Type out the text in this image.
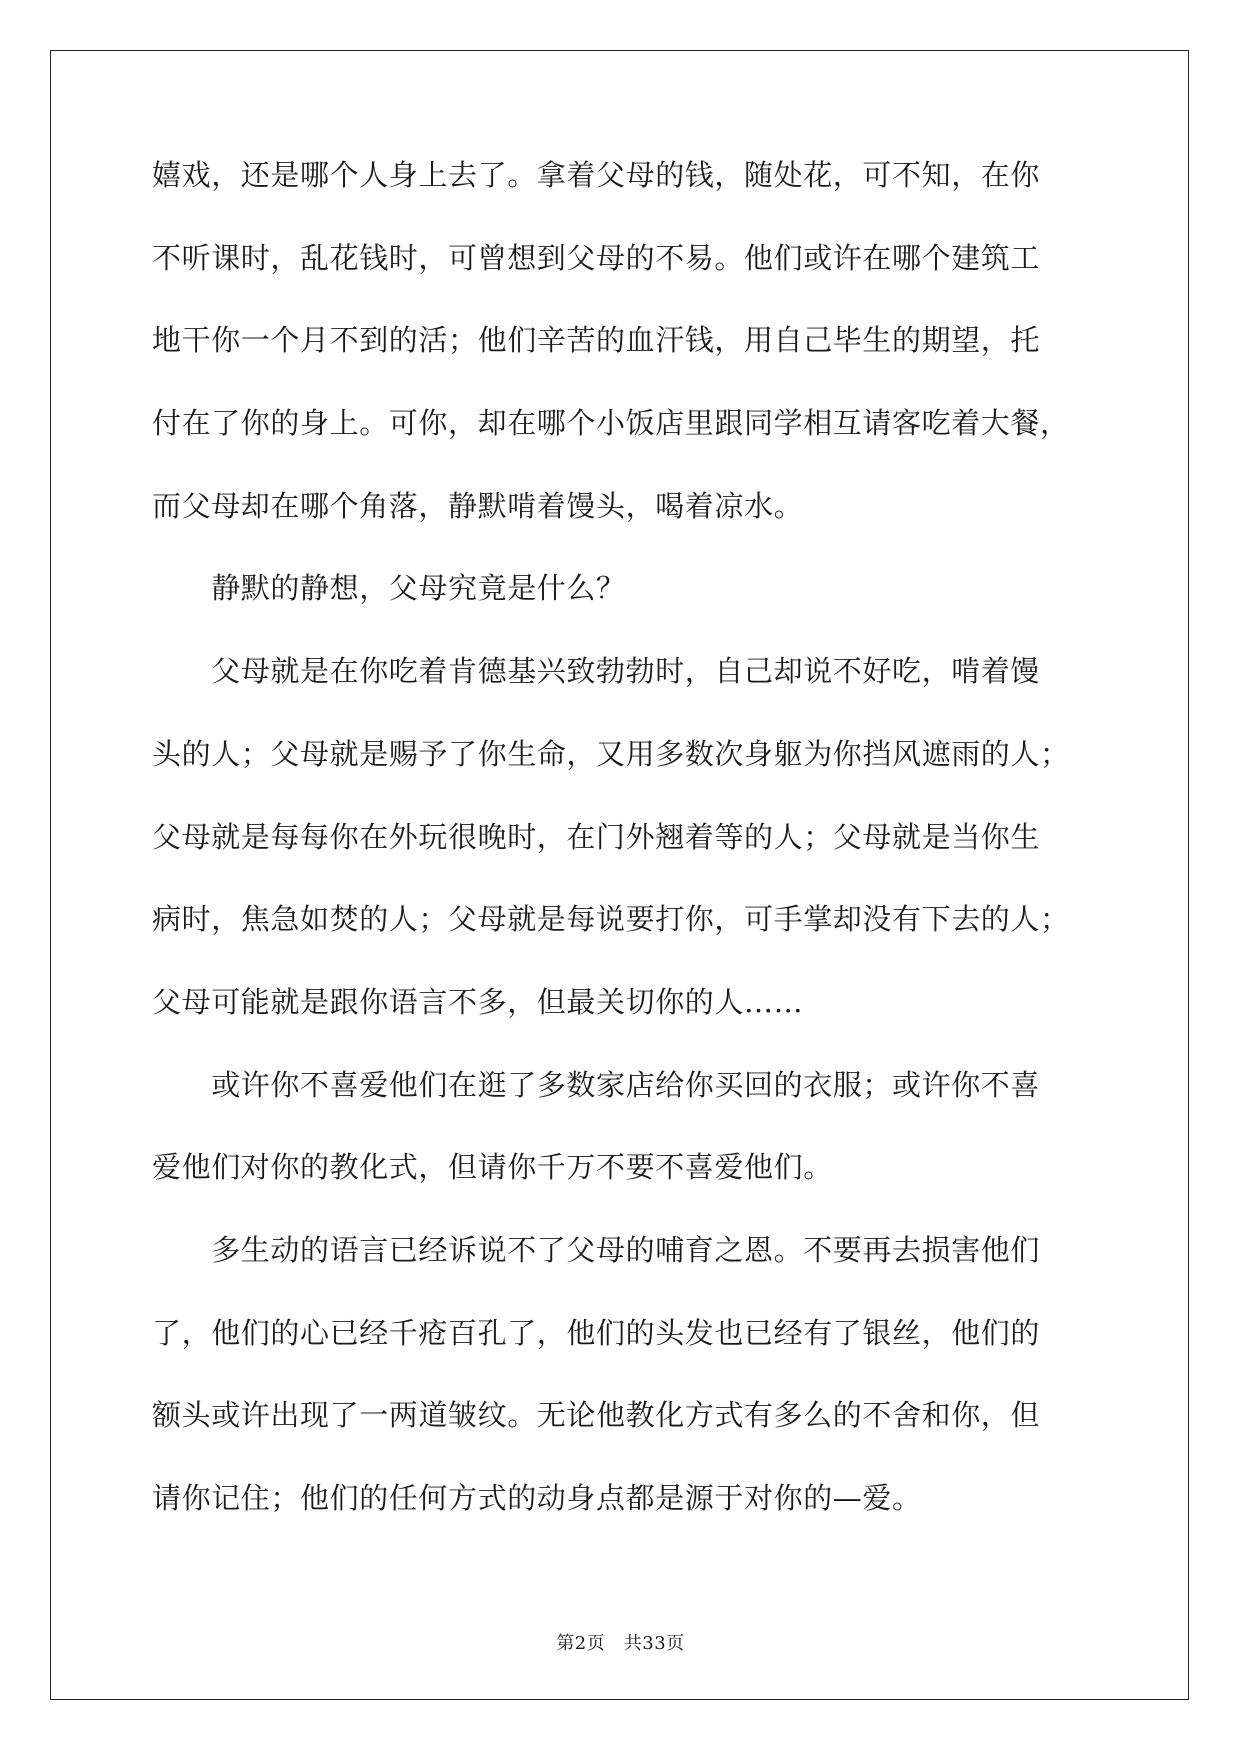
嬉戏，还是哪个人身上去了。拿着父母的钱，随处花，可不知，在你
不听课时，乱花钱时，可曾想到父母的不易。他们或许在哪个建筑工
地干你一个月不到的活；他们辛苦的血汗钱，用自己毕生的期望，托
付在了你的身上。可你，却在哪个小饭店里跟同学相互请客吃着大餐，
而父母却在哪个角落，静默啃着馒头，喝着凉水。
　　静默的静想，父母究竟是什么？
　　父母就是在你吃着肯德基兴致勃勃时，自己却说不好吃，啃着馒
头的人；父母就是赐予了你生命，又用多数次身躯为你挡风遮雨的人；
父母就是每每你在外玩很晚时，在门外翘着等的人；父母就是当你生
病时，焦急如焚的人；父母就是每说要打你，可手掌却没有下去的人；
父母可能就是跟你语言不多，但最关切你的人……
　　或许你不喜爱他们在逛了多数家店给你买回的衣服；或许你不喜
爱他们对你的教化式，但请你千万不要不喜爱他们。
　　多生动的语言已经诉说不了父母的哺育之恩。不要再去损害他们
了，他们的心已经千疮百孔了，他们的头发也已经有了银丝，他们的
额头或许出现了一两道皱纹。无论他教化方式有多么的不舍和你，但
请你记住；他们的任何方式的动身点都是源于对你的—爱。
第2页　共33页
